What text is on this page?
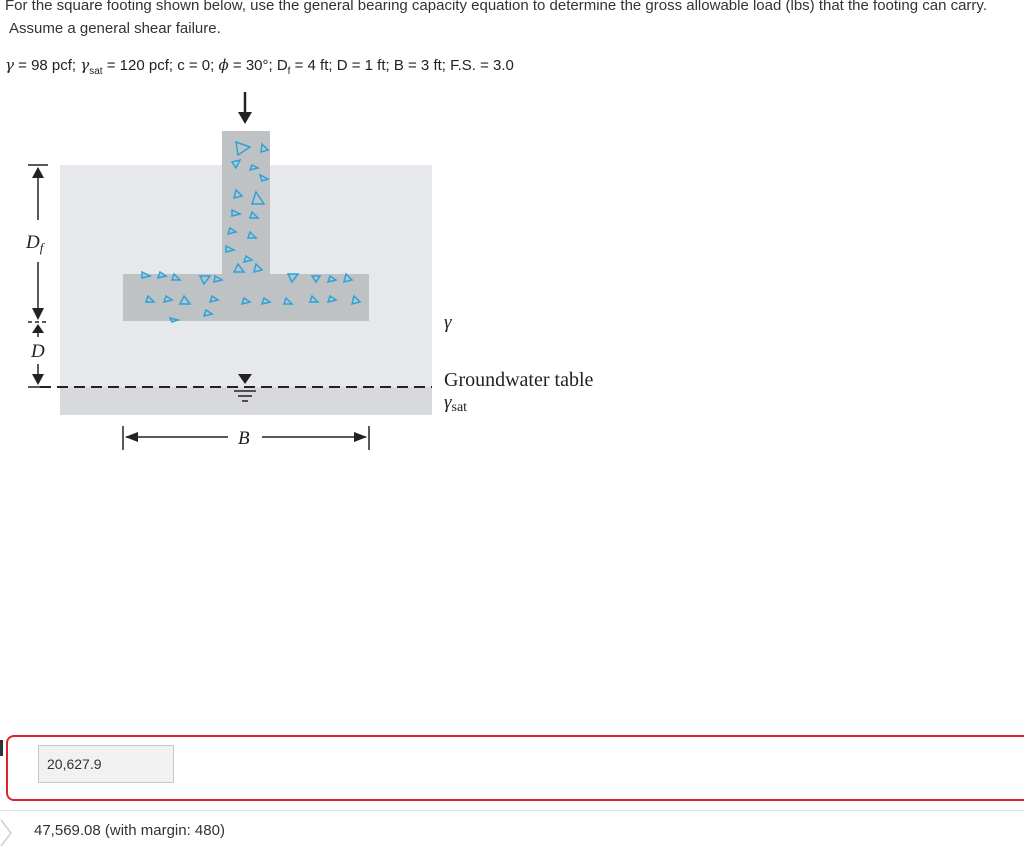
For the square footing shown below, use the general bearing capacity equation to determine the gross allowable load (lbs) that the footing can carry.
Assume a general shear failure.
γ = 98 pcf; $\gamma_{sat} = 120$ pcf; c = 0; ϕ = 30°; $D_f = 4$ ft; D = 1 ft; B = 3 ft; F.S. = 3.0
$D_f$
D
B
γ
Groundwater table
γsat
20,627.9
47,569.08 (with margin: 480)
